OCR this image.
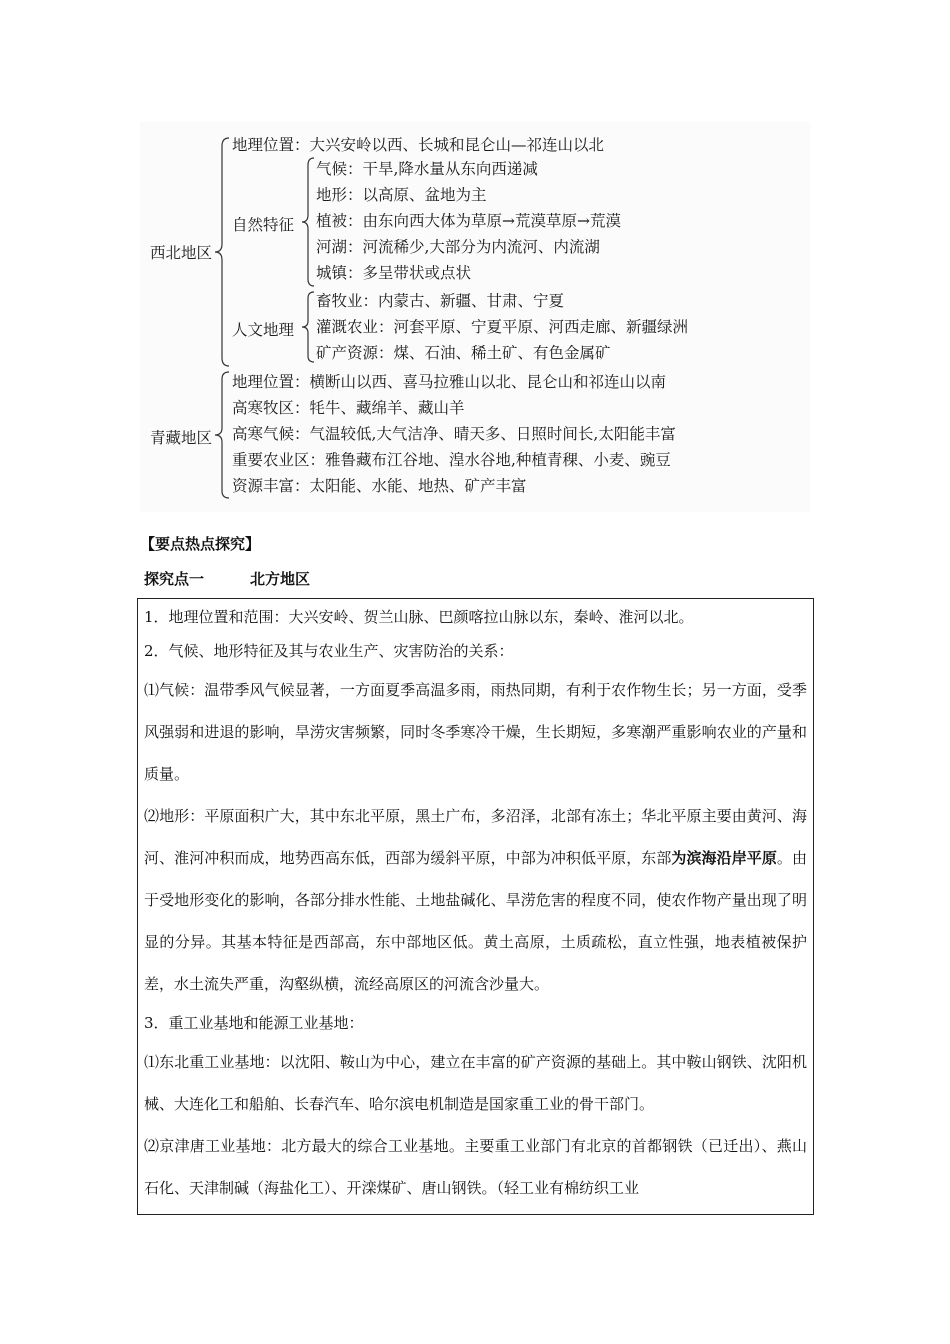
西北地区
地理位置：大兴安岭以西、长城和昆仑山—祁连山以北
自然特征
气候：干旱,降水量从东向西递减
地形：以高原、盆地为主
植被：由东向西大体为草原→荒漠草原→荒漠
河湖：河流稀少,大部分为内流河、内流湖
城镇：多呈带状或点状
人文地理
畜牧业：内蒙古、新疆、甘肃、宁夏
灌溉农业：河套平原、宁夏平原、河西走廊、新疆绿洲
矿产资源：煤、石油、稀土矿、有色金属矿
青藏地区
地理位置：横断山以西、喜马拉雅山以北、昆仑山和祁连山以南
高寒牧区：牦牛、藏绵羊、藏山羊
高寒气候：气温较低,大气洁净、晴天多、日照时间长,太阳能丰富
重要农业区：雅鲁藏布江谷地、湟水谷地,种植青稞、小麦、豌豆
资源丰富：太阳能、水能、地热、矿产丰富
【要点热点探究】
探究点一	北方地区

1．地理位置和范围：大兴安岭、贺兰山脉、巴颜喀拉山脉以东，秦岭、淮河以北。

2．气候、地形特征及其与农业生产、灾害防治的关系：

⑴气候：温带季风气候显著，一方面夏季高温多雨，雨热同期，有利于农作物生长；另一方面，受季风强弱和进退的影响，旱涝灾害频繁，同时冬季寒冷干燥，生长期短，多寒潮严重影响农业的产量和质量。

⑵地形：平原面积广大，其中东北平原，黑土广布，多沼泽，北部有冻土；华北平原主要由黄河、海河、淮河冲积而成，地势西高东低，西部为缓斜平原，中部为冲积低平原，东部为滨海沿岸平原。由于受地形变化的影响，各部分排水性能、土地盐碱化、旱涝危害的程度不同，使农作物产量出现了明显的分异。其基本特征是西部高，东中部地区低。黄土高原，土质疏松，直立性强，地表植被保护差，水土流失严重，沟壑纵横，流经高原区的河流含沙量大。

3．重工业基地和能源工业基地：

⑴东北重工业基地：以沈阳、鞍山为中心，建立在丰富的矿产资源的基础上。其中鞍山钢铁、沈阳机械、大连化工和船舶、长春汽车、哈尔滨电机制造是国家重工业的骨干部门。

⑵京津唐工业基地：北方最大的综合工业基地。主要重工业部门有北京的首都钢铁（已迁出）、燕山石化、天津制碱（海盐化工）、开滦煤矿、唐山钢铁。（轻工业有棉纺织工业
